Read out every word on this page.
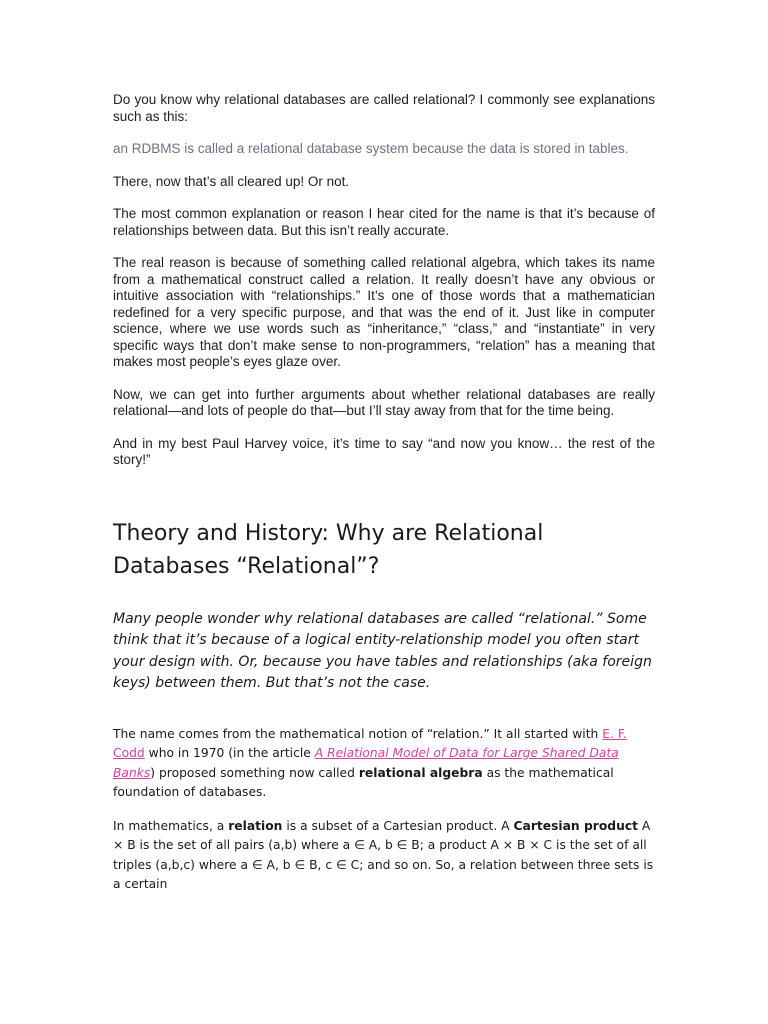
Do you know why relational databases are called relational? I commonly see explanations such as this:

an RDBMS is called a relational database system because the data is stored in tables.

There, now that’s all cleared up! Or not.

The most common explanation or reason I hear cited for the name is that it’s because of relationships between data. But this isn’t really accurate.

The real reason is because of something called relational algebra, which takes its name from a mathematical construct called a relation. It really doesn’t have any obvious or intuitive association with “relationships.” It’s one of those words that a mathematician redefined for a very specific purpose, and that was the end of it. Just like in computer science, where we use words such as “inheritance,” “class,” and “instantiate” in very specific ways that don’t make sense to non-programmers, “relation” has a meaning that makes most people’s eyes glaze over.

Now, we can get into further arguments about whether relational databases are really relational—and lots of people do that—but I’ll stay away from that for the time being.

And in my best Paul Harvey voice, it’s time to say “and now you know… the rest of the story!”

Theory and History: Why are Relational Databases “Relational”?

Many people wonder why relational databases are called “relational.” Some think that it’s because of a logical entity-relationship model you often start your design with. Or, because you have tables and relationships (aka foreign keys) between them. But that’s not the case.

The name comes from the mathematical notion of “relation.” It all started with E. F. Codd who in 1970 (in the article A Relational Model of Data for Large Shared Data Banks) proposed something now called relational algebra as the mathematical foundation of databases.

In mathematics, a relation is a subset of a Cartesian product. A Cartesian product A × B is the set of all pairs (a,b) where a ∈ A, b ∈ B; a product A × B × C is the set of all triples (a,b,c) where a ∈ A, b ∈ B, c ∈ C; and so on. So, a relation between three sets is a certain
